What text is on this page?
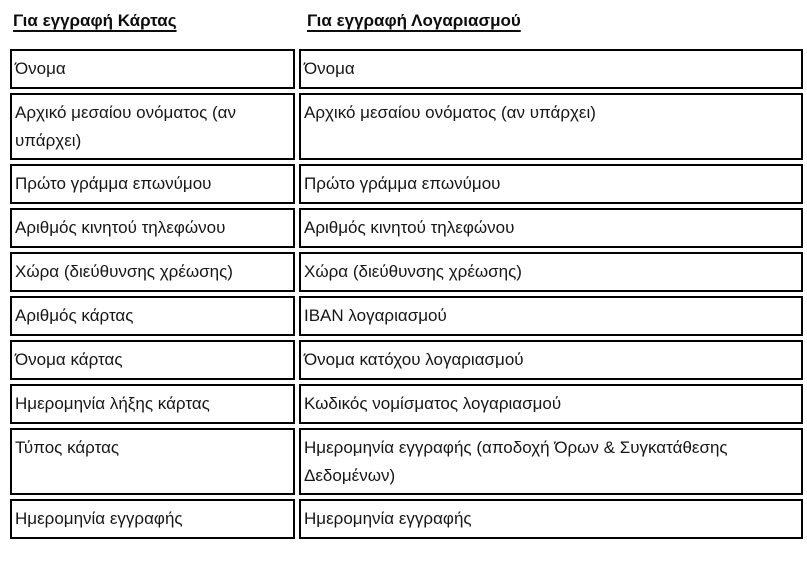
Για εγγραφή Κάρτας	Για εγγραφή Λογαριασμού
Όνομα	Όνομα
Αρχικό μεσαίου ονόματος (αν υπάρχει)	Αρχικό μεσαίου ονόματος (αν υπάρχει)
Πρώτο γράμμα επωνύμου	Πρώτο γράμμα επωνύμου
Αριθμός κινητού τηλεφώνου	Αριθμός κινητού τηλεφώνου
Χώρα (διεύθυνσης χρέωσης)	Χώρα (διεύθυνσης χρέωσης)
Αριθμός κάρτας	IBAN λογαριασμού
Όνομα κάρτας	Όνομα κατόχου λογαριασμού
Ημερομηνία λήξης κάρτας	Κωδικός νομίσματος λογαριασμού
Τύπος κάρτας	Ημερομηνία εγγραφής (αποδοχή Όρων & Συγκατάθεσης Δεδομένων)
Ημερομηνία εγγραφής	Ημερομηνία εγγραφής
